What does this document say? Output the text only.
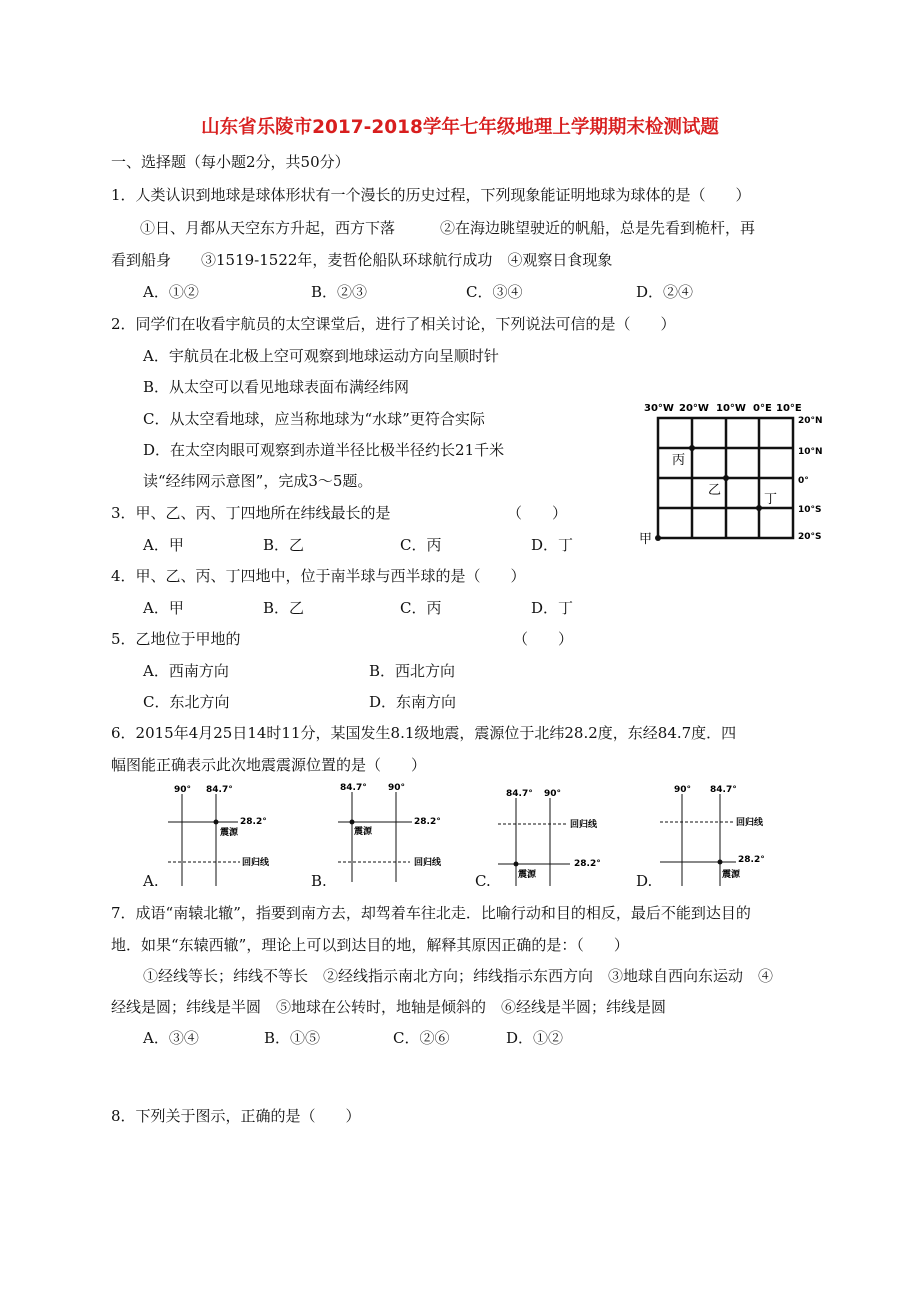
山东省乐陵市2017-2018学年七年级地理上学期期末检测试题
一、选择题（每小题2分，共50分）
1．人类认识到地球是球体形状有一个漫长的历史过程，下列现象能证明地球为球体的是（　　）
①日、月都从天空东方升起，西方下落　　　②在海边眺望驶近的帆船，总是先看到桅杆，再
看到船身　　③1519-1522年，麦哲伦船队环球航行成功　④观察日食现象
A．①②	B．②③	C．③④	D．②④
2．同学们在收看宇航员的太空课堂后，进行了相关讨论，下列说法可信的是（　　）
A．宇航员在北极上空可观察到地球运动方向呈顺时针
B．从太空可以看见地球表面布满经纬网
C．从太空看地球，应当称地球为“水球”更符合实际
D．在太空肉眼可观察到赤道半径比极半径约长21千米
读“经纬网示意图”，完成3～5题。
3．甲、乙、丙、丁四地所在纬线最长的是	（　　）
A．甲	B．乙	C．丙	D．丁
4．甲、乙、丙、丁四地中，位于南半球与西半球的是（　　）
A．甲	B．乙	C．丙	D．丁
5．乙地位于甲地的	（　　）
A．西南方向	B．西北方向
C．东北方向	D．东南方向
30°W 20°W 10°W 0°E 10°E
20°N
10°N
0°
10°S
20°S
甲
乙
丙
丁
6．2015年4月25日14时11分，某国发生8.1级地震，震源位于北纬28.2度，东经84.7度．四
幅图能正确表示此次地震震源位置的是（　　）
90° 84.7°
28.2°
震源
回归线
84.7° 90°
28.2°
震源
回归线
84.7° 90°
回归线
28.2°
震源
90° 84.7°
回归线
28.2°
震源
A.	B.	C.	D.
7．成语“南辕北辙”，指要到南方去，却驾着车往北走．比喻行动和目的相反，最后不能到达目的
地．如果“东辕西辙”，理论上可以到达目的地，解释其原因正确的是：（　　）
①经线等长；纬线不等长　②经线指示南北方向；纬线指示东西方向　③地球自西向东运动　④
经线是圆；纬线是半圆　⑤地球在公转时，地轴是倾斜的　⑥经线是半圆；纬线是圆
A．③④	B．①⑤	C．②⑥	D．①②
8．下列关于图示，正确的是（　　）
